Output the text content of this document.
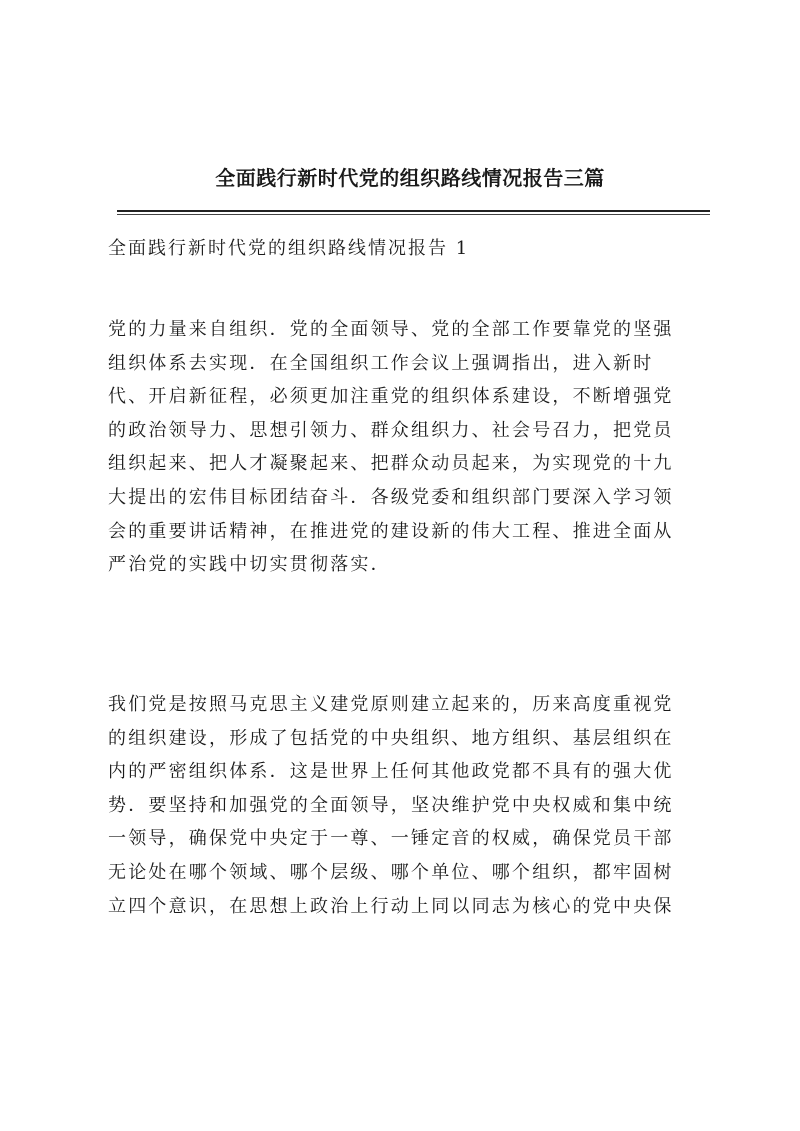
全面践行新时代党的组织路线情况报告三篇
全面践行新时代党的组织路线情况报告 1
党的力量来自组织．党的全面领导、党的全部工作要靠党的坚强
组织体系去实现．在全国组织工作会议上强调指出，进入新时
代、开启新征程，必须更加注重党的组织体系建设，不断增强党
的政治领导力、思想引领力、群众组织力、社会号召力，把党员
组织起来、把人才凝聚起来、把群众动员起来，为实现党的十九
大提出的宏伟目标团结奋斗．各级党委和组织部门要深入学习领
会的重要讲话精神，在推进党的建设新的伟大工程、推进全面从
严治党的实践中切实贯彻落实．
我们党是按照马克思主义建党原则建立起来的，历来高度重视党
的组织建设，形成了包括党的中央组织、地方组织、基层组织在
内的严密组织体系．这是世界上任何其他政党都不具有的强大优
势．要坚持和加强党的全面领导，坚决维护党中央权威和集中统
一领导，确保党中央定于一尊、一锤定音的权威，确保党员干部
无论处在哪个领域、哪个层级、哪个单位、哪个组织，都牢固树
立四个意识，在思想上政治上行动上同以同志为核心的党中央保
